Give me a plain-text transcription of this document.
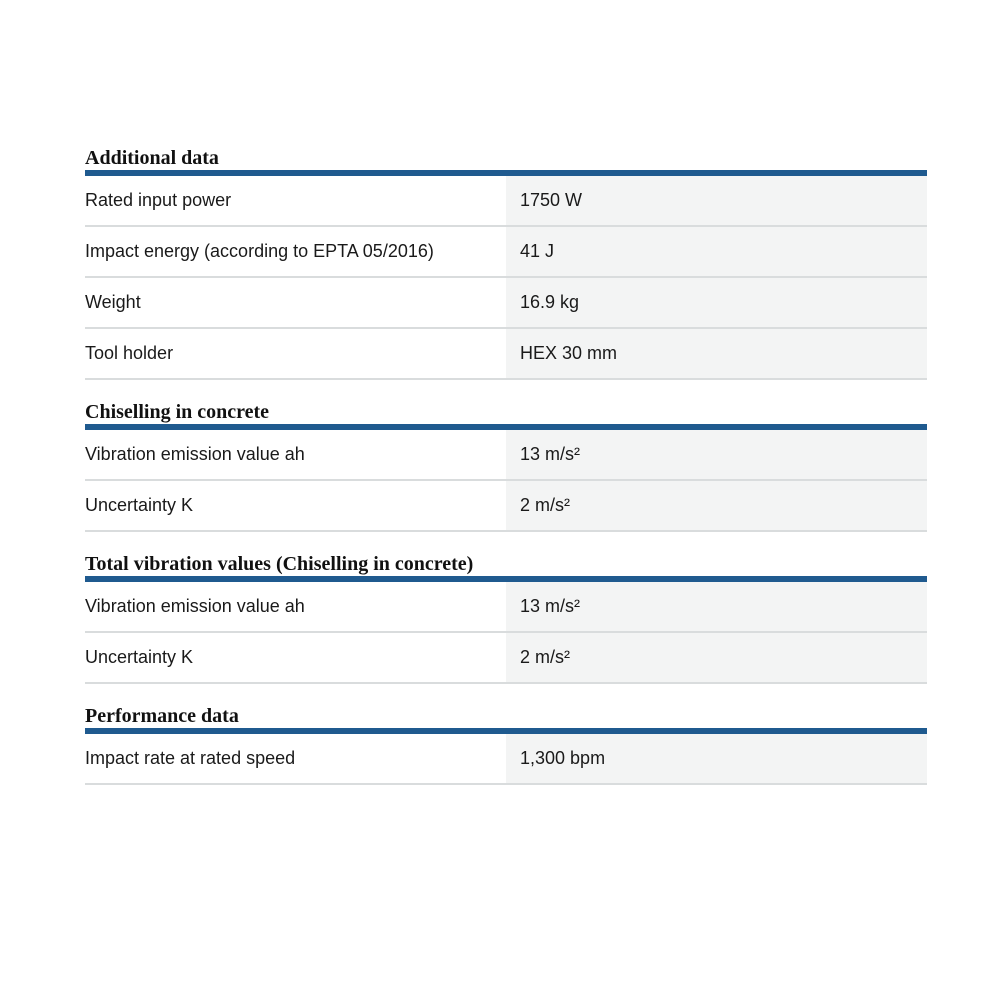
Additional data
Rated input power	1750 W
Impact energy (according to EPTA 05/2016)	41 J
Weight	16.9 kg
Tool holder	HEX 30 mm
Chiselling in concrete
Vibration emission value ah	13 m/s²
Uncertainty K	2 m/s²
Total vibration values (Chiselling in concrete)
Vibration emission value ah	13 m/s²
Uncertainty K	2 m/s²
Performance data
Impact rate at rated speed	1,300 bpm
